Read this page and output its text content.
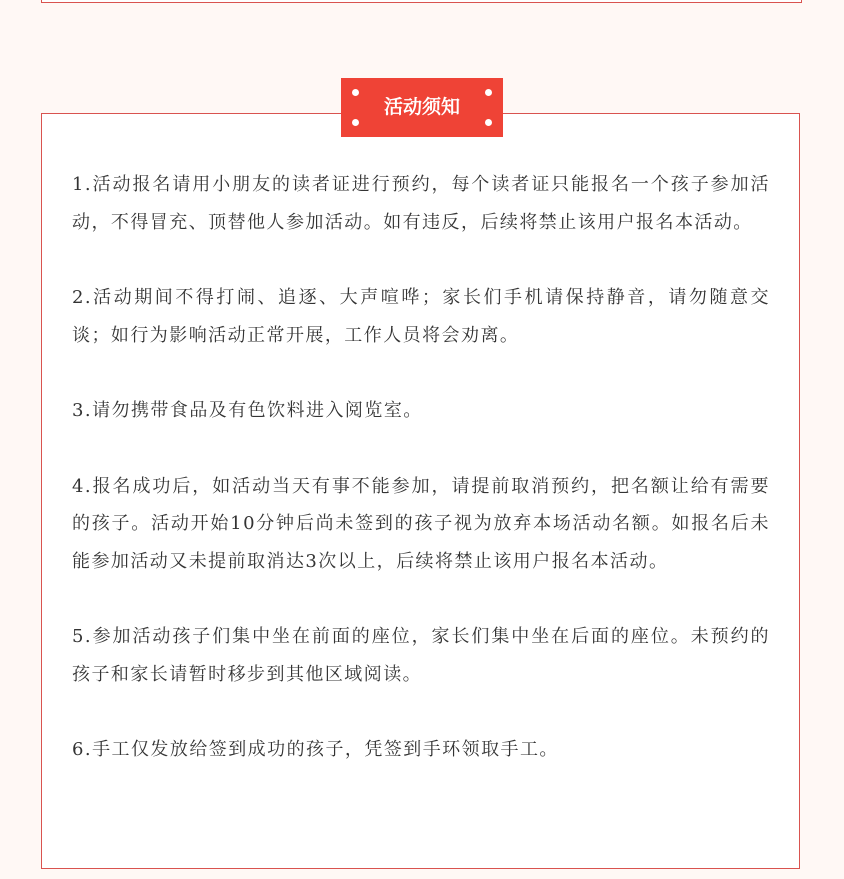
活动须知
1.活动报名请用小朋友的读者证进行预约，每个读者证只能报名一个孩子参加活动，不得冒充、顶替他人参加活动。如有违反，后续将禁止该用户报名本活动。
2.活动期间不得打闹、追逐、大声喧哗；家长们手机请保持静音，请勿随意交谈；如行为影响活动正常开展，工作人员将会劝离。
3.请勿携带食品及有色饮料进入阅览室。
4.报名成功后，如活动当天有事不能参加，请提前取消预约，把名额让给有需要的孩子。活动开始10分钟后尚未签到的孩子视为放弃本场活动名额。如报名后未能参加活动又未提前取消达3次以上，后续将禁止该用户报名本活动。
5.参加活动孩子们集中坐在前面的座位，家长们集中坐在后面的座位。未预约的孩子和家长请暂时移步到其他区域阅读。
6.手工仅发放给签到成功的孩子，凭签到手环领取手工。
